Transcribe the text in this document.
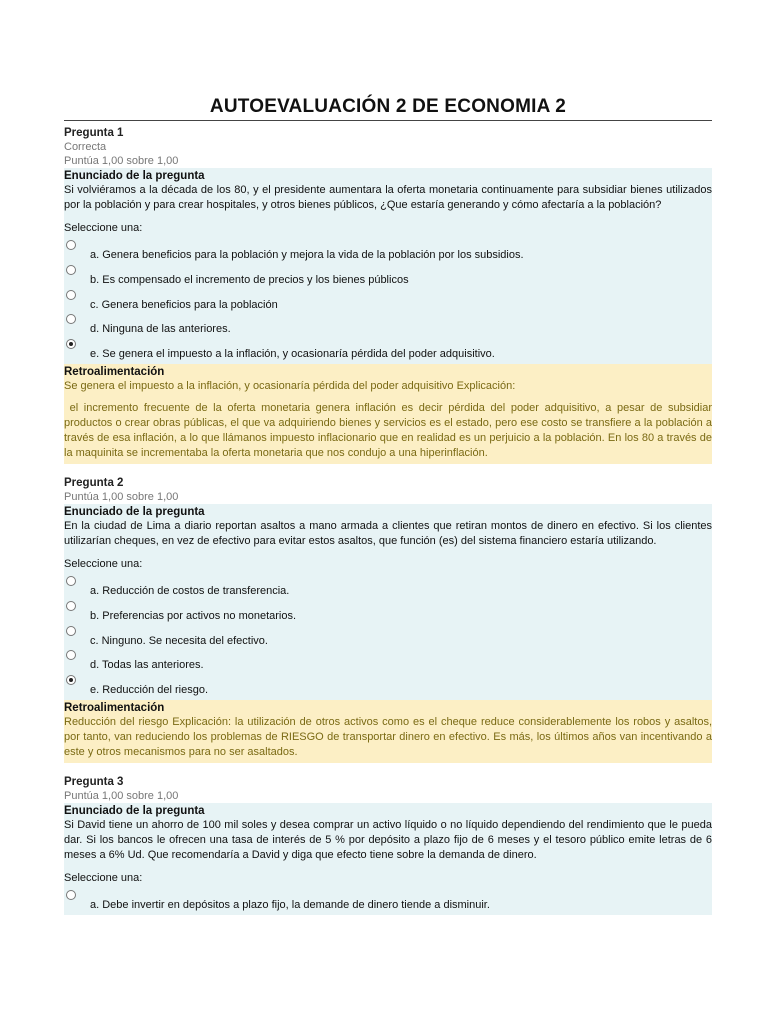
AUTOEVALUACIÓN 2 DE ECONOMIA 2
Pregunta 1
Correcta
Puntúa 1,00 sobre 1,00
Enunciado de la pregunta

Si volviéramos a la década de los 80, y el presidente aumentara la oferta monetaria continuamente para subsidiar bienes utilizados por la población y para crear hospitales, y otros bienes públicos, ¿Que estaría generando y cómo afectaría a la población?

Seleccione una:
a. Genera beneficios para la población y mejora la vida de la población por los subsidios.
b. Es compensado el incremento de precios y los bienes públicos
c. Genera beneficios para la población
d. Ninguna de las anteriores.
e. Se genera el impuesto a la inflación, y ocasionaría pérdida del poder adquisitivo.
Retroalimentación

Se genera el impuesto a la inflación, y ocasionaría pérdida del poder adquisitivo Explicación:

el incremento frecuente de la oferta monetaria genera inflación es decir pérdida del poder adquisitivo, a pesar de subsidiar productos o crear obras públicas, el que va adquiriendo bienes y servicios es el estado, pero ese costo se transfiere a la población a través de esa inflación, a lo que llámanos impuesto inflacionario que en realidad es un perjuicio a la población. En los 80 a través de la maquinita se incrementaba la oferta monetaria que nos condujo a una hiperinflación.

Pregunta 2
Puntúa 1,00 sobre 1,00
Enunciado de la pregunta

En la ciudad de Lima a diario reportan asaltos a mano armada a clientes que retiran montos de dinero en efectivo. Si los clientes utilizarían cheques, en vez de efectivo para evitar estos asaltos, que función (es) del sistema financiero estaría utilizando.

Seleccione una:
a. Reducción de costos de transferencia.
b. Preferencias por activos no monetarios.
c. Ninguno. Se necesita del efectivo.
d. Todas las anteriores.
e. Reducción del riesgo.
Retroalimentación

Reducción del riesgo Explicación: la utilización de otros activos como es el cheque reduce considerablemente los robos y asaltos, por tanto, van reduciendo los problemas de RIESGO de transportar dinero en efectivo. Es más, los últimos años van incentivando a este y otros mecanismos para no ser asaltados.

Pregunta 3
Puntúa 1,00 sobre 1,00
Enunciado de la pregunta

Si David tiene un ahorro de 100 mil soles y desea comprar un activo líquido o no líquido dependiendo del rendimiento que le pueda dar. Si los bancos le ofrecen una tasa de interés de 5 % por depósito a plazo fijo de 6 meses y el tesoro público emite letras de 6 meses a 6% Ud. Que recomendaría a David y diga que efecto tiene sobre la demanda de dinero.

Seleccione una:
a. Debe invertir en depósitos a plazo fijo, la demande de dinero tiende a disminuir.
